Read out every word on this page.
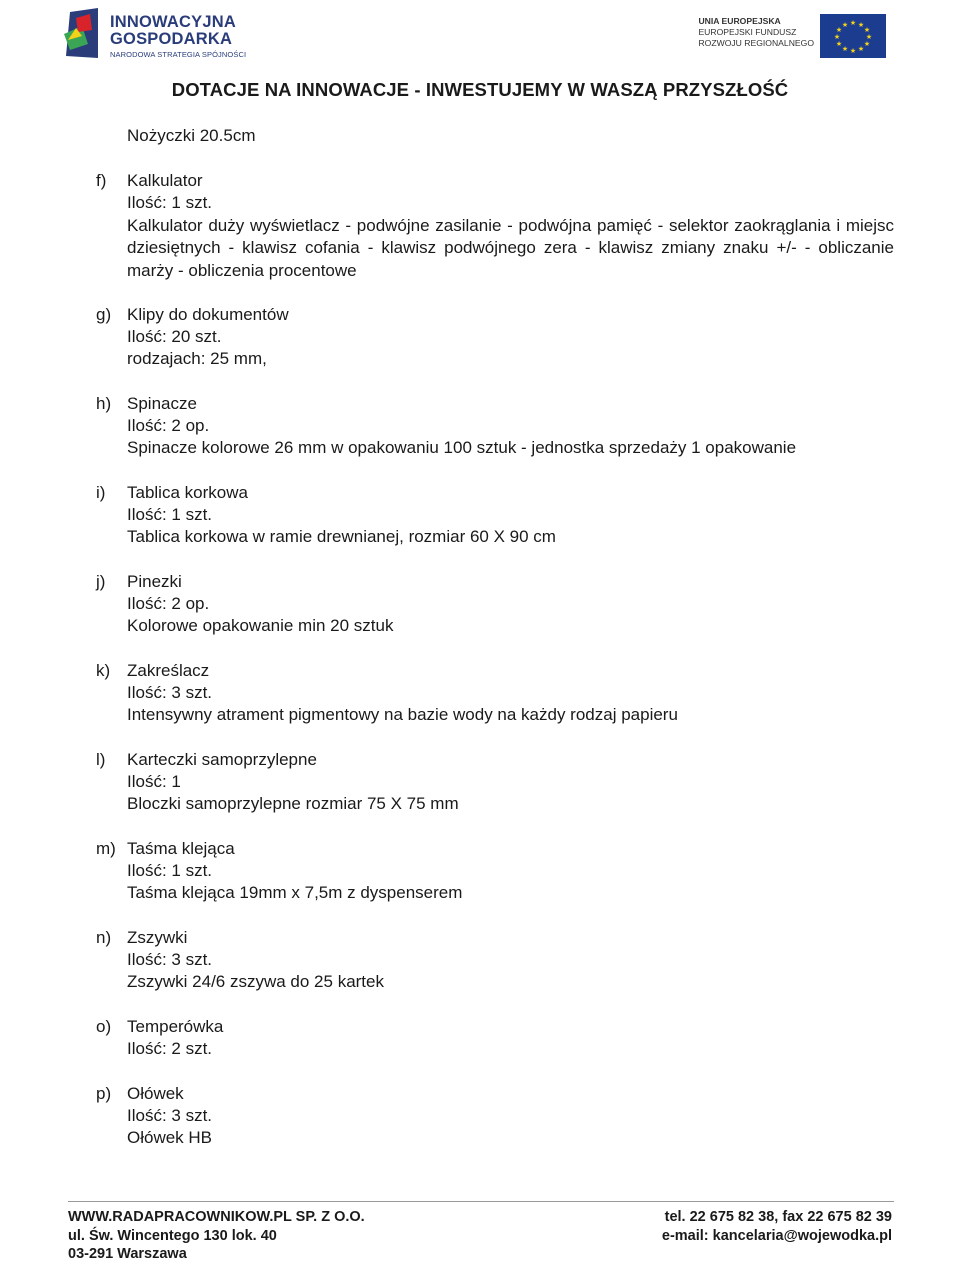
INNOWACYJNA
GOSPODARKA
NARODOWA STRATEGIA SPÓJNOŚCI
UNIA EUROPEJSKA
EUROPEJSKI FUNDUSZ
ROZWOJU REGIONALNEGO
★ ★
★
★
★
★
★
★
★
★
★
★
DOTACJE NA INNOWACJE - INWESTUJEMY W WASZĄ PRZYSZŁOŚĆ
Nożyczki 20.5cm
f) Kalkulator
Ilość: 1 szt.
Kalkulator duży wyświetlacz - podwójne zasilanie - podwójna pamięć - selektor zaokrąglania i miejsc dziesiętnych - klawisz cofania - klawisz podwójnego zera - klawisz zmiany znaku +/- - obliczanie marży - obliczenia procentowe
g) Klipy do dokumentów
Ilość: 20 szt.
rodzajach: 25 mm,
h) Spinacze
Ilość: 2 op.
Spinacze kolorowe 26 mm w opakowaniu 100 sztuk - jednostka sprzedaży 1 opakowanie
i) Tablica korkowa
Ilość: 1 szt.
Tablica korkowa w ramie drewnianej, rozmiar 60 X 90 cm
j) Pinezki
Ilość: 2 op.
Kolorowe opakowanie min 20 sztuk
k) Zakreślacz
Ilość: 3 szt.
Intensywny atrament pigmentowy na bazie wody na każdy rodzaj papieru
l) Karteczki samoprzylepne
Ilość: 1
Bloczki samoprzylepne rozmiar 75 X 75 mm
m) Taśma klejąca
Ilość: 1 szt.
Taśma klejąca 19mm x 7,5m z dyspenserem
n) Zszywki
Ilość: 3 szt.
Zszywki 24/6 zszywa do 25 kartek
o) Temperówka
Ilość: 2 szt.
p) Ołówek
Ilość: 3 szt.
Ołówek HB
WWW.RADAPRACOWNIKOW.PL SP. Z O.O.
ul. Św. Wincentego 130 lok. 40
03-291 Warszawa
tel. 22 675 82 38, fax 22 675 82 39
e-mail: kancelaria@wojewodka.pl
